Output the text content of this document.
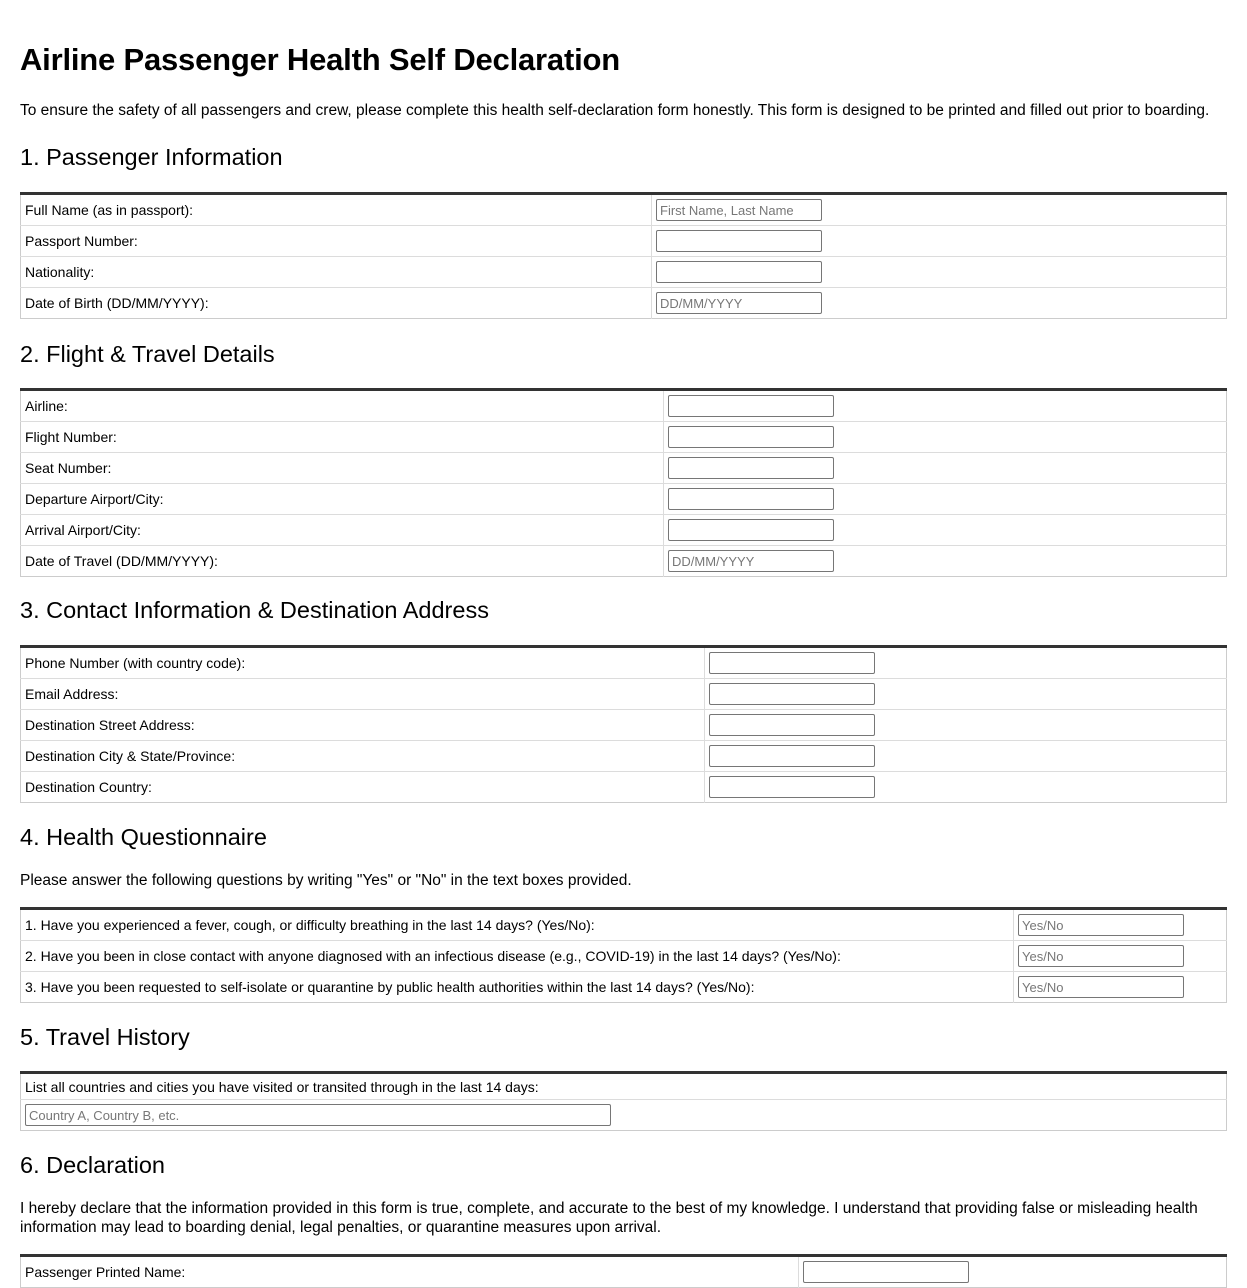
Airline Passenger Health Self Declaration

To ensure the safety of all passengers and crew, please complete this health self-declaration form honestly. This form is designed to be printed and filled out prior to boarding.

1. Passenger Information
Full Name (as in passport):	
First Name, Last Name
Passport Number:	

Nationality:	

Date of Birth (DD/MM/YYYY):	
DD/MM/YYYY
2. Flight & Travel Details
Airline:	

Flight Number:	

Seat Number:	

Departure Airport/City:	

Arrival Airport/City:	

Date of Travel (DD/MM/YYYY):	
DD/MM/YYYY
3. Contact Information & Destination Address
Phone Number (with country code):	

Email Address:	

Destination Street Address:	

Destination City & State/Province:	

Destination Country:	
4. Health Questionnaire

Please answer the following questions by writing "Yes" or "No" in the text boxes provided.

1. Have you experienced a fever, cough, or difficulty breathing in the last 14 days? (Yes/No):	
Yes/No
2. Have you been in close contact with anyone diagnosed with an infectious disease (e.g., COVID-19) in the last 14 days? (Yes/No):	
Yes/No
3. Have you been requested to self-isolate or quarantine by public health authorities within the last 14 days? (Yes/No):	
Yes/No
5. Travel History
List all countries and cities you have visited or transited through in the last 14 days:

Country A, Country B, etc.
6. Declaration

I hereby declare that the information provided in this form is true, complete, and accurate to the best of my knowledge. I understand that providing false or misleading health information may lead to boarding denial, legal penalties, or quarantine measures upon arrival.

Passenger Printed Name:	
